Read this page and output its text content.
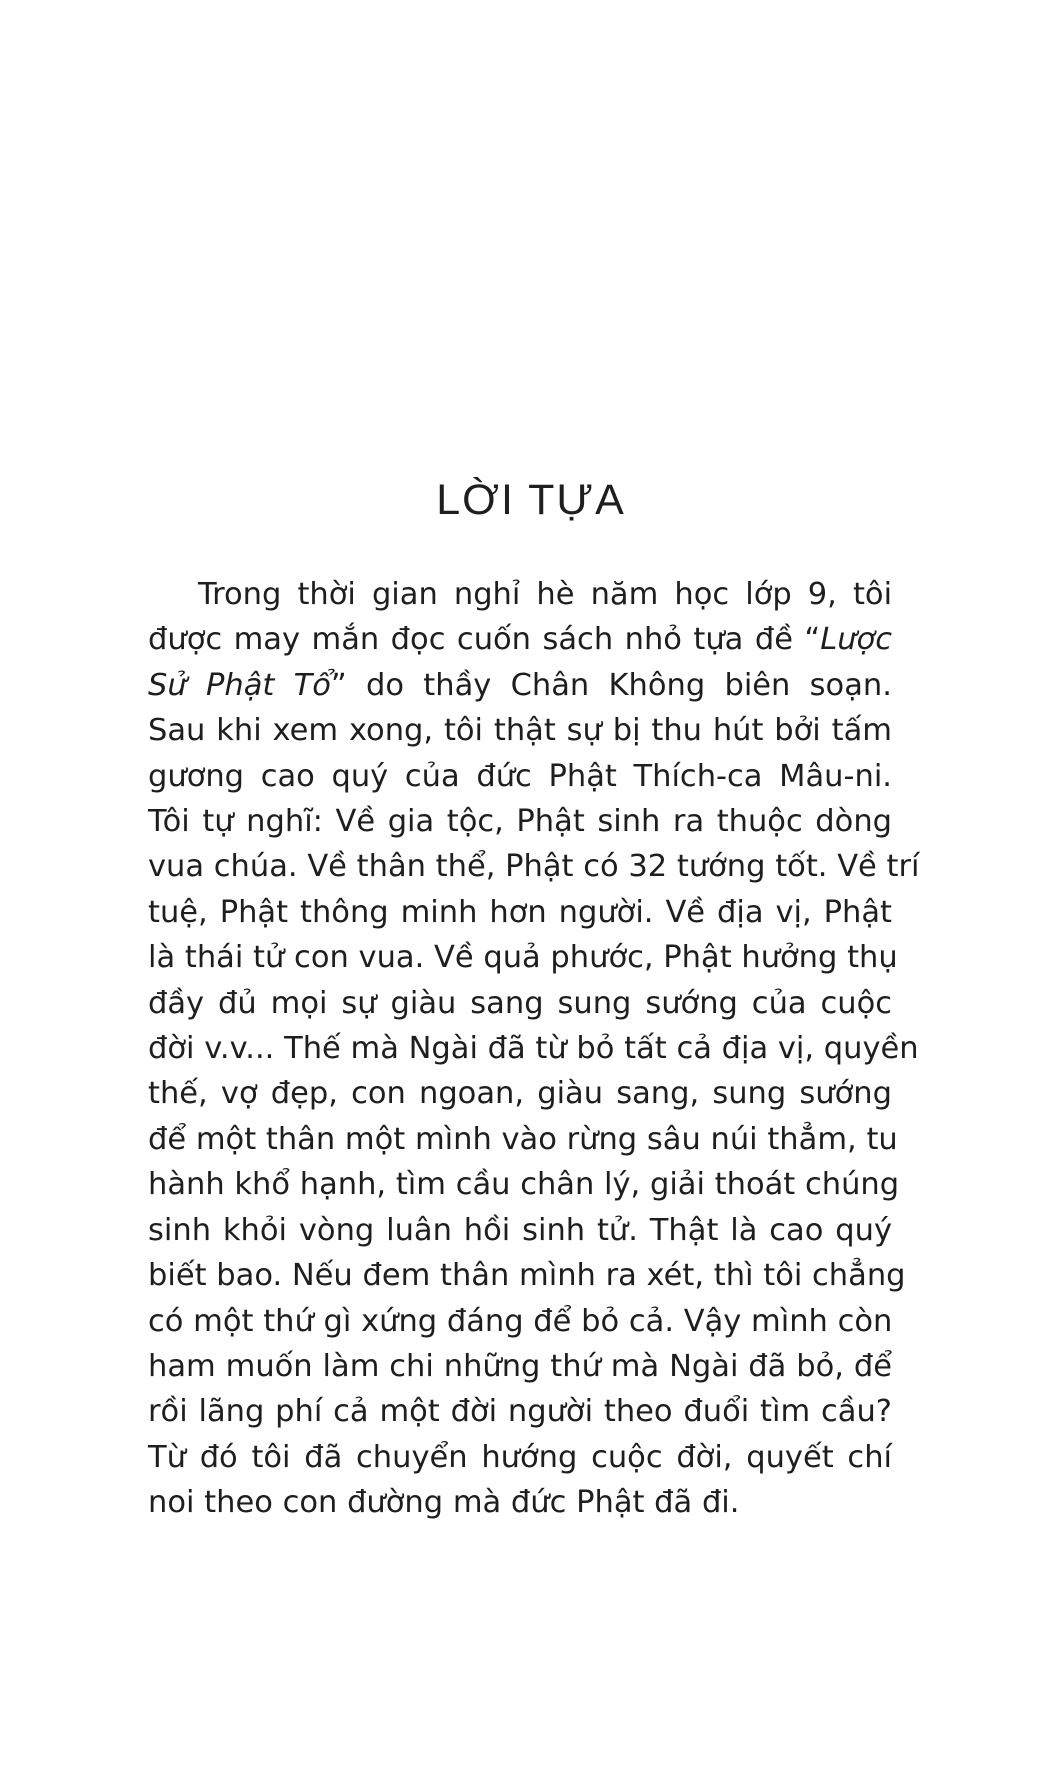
LỜI TỰA
Trong thời gian nghỉ hè năm học lớp 9, tôi
được may mắn đọc cuốn sách nhỏ tựa đề “Lược
Sử Phật Tổ” do thầy Chân Không biên soạn.
Sau khi xem xong, tôi thật sự bị thu hút bởi tấm
gương cao quý của đức Phật Thích-ca Mâu-ni.
Tôi tự nghĩ: Về gia tộc, Phật sinh ra thuộc dòng
vua chúa. Về thân thể, Phật có 32 tướng tốt. Về trí
tuệ, Phật thông minh hơn người. Về địa vị, Phật
là thái tử con vua. Về quả phước, Phật hưởng thụ
đầy đủ mọi sự giàu sang sung sướng của cuộc
đời v.v... Thế mà Ngài đã từ bỏ tất cả địa vị, quyền
thế, vợ đẹp, con ngoan, giàu sang, sung sướng
để một thân một mình vào rừng sâu núi thẳm, tu
hành khổ hạnh, tìm cầu chân lý, giải thoát chúng
sinh khỏi vòng luân hồi sinh tử. Thật là cao quý
biết bao. Nếu đem thân mình ra xét, thì tôi chẳng
có một thứ gì xứng đáng để bỏ cả. Vậy mình còn
ham muốn làm chi những thứ mà Ngài đã bỏ, để
rồi lãng phí cả một đời người theo đuổi tìm cầu?
Từ đó tôi đã chuyển hướng cuộc đời, quyết chí
noi theo con đường mà đức Phật đã đi.
